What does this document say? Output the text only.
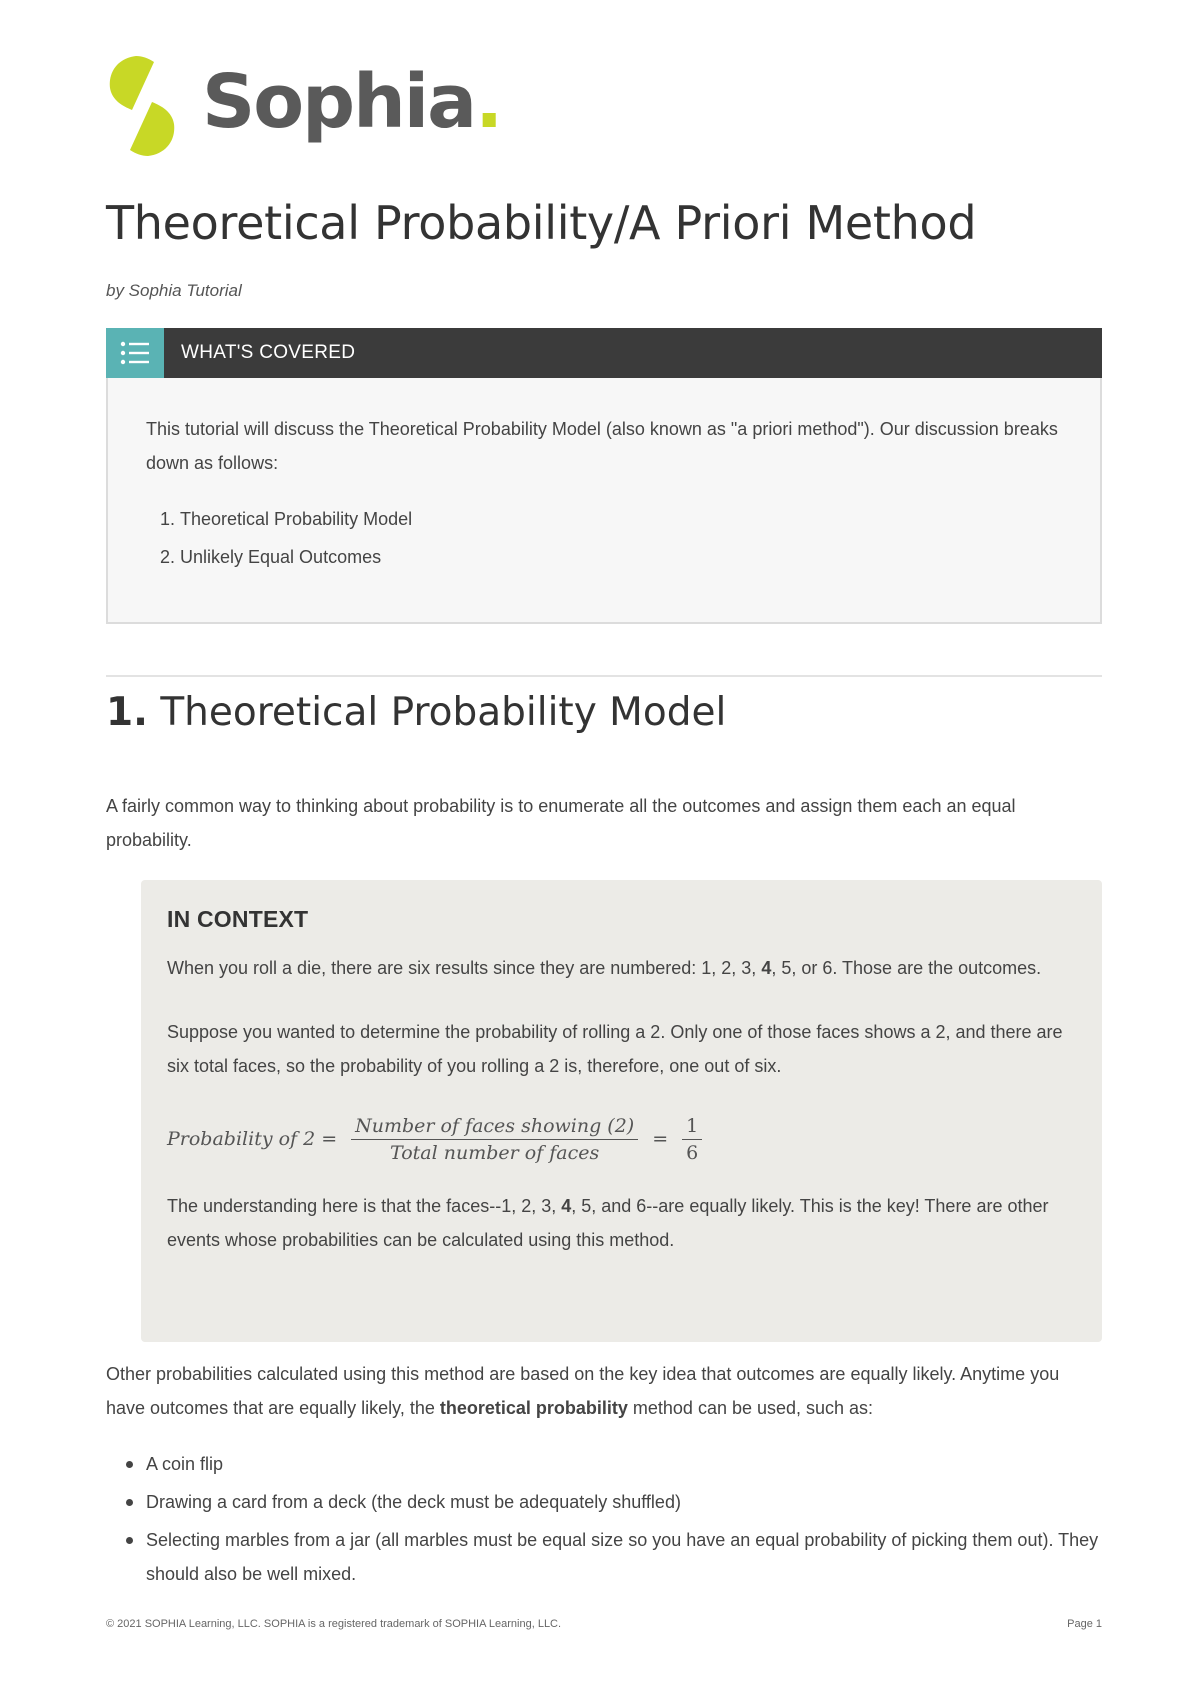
Sophia.
Theoretical Probability/A Priori Method
by Sophia Tutorial
WHAT'S COVERED
This tutorial will discuss the Theoretical Probability Model (also known as "a priori method"). Our discussion breaks down as follows:
1. Theoretical Probability Model
2. Unlikely Equal Outcomes
1. Theoretical Probability Model

A fairly common way to thinking about probability is to enumerate all the outcomes and assign them each an equal probability.

IN CONTEXT

When you roll a die, there are six results since they are numbered: 1, 2, 3, 4, 5, or 6. Those are the outcomes.

Suppose you wanted to determine the probability of rolling a 2. Only one of those faces shows a 2, and there are six total faces, so the probability of you rolling a 2 is, therefore, one out of six.

Probability of $2 = \frac{\text{Number of faces showing (2)}}{\text{Total number of faces}} = \frac{1}{6}$

The understanding here is that the faces--1, 2, 3, 4, 5, and 6--are equally likely. This is the key! There are other events whose probabilities can be calculated using this method.

Other probabilities calculated using this method are based on the key idea that outcomes are equally likely. Anytime you have outcomes that are equally likely, the theoretical probability method can be used, such as:

A coin flip
Drawing a card from a deck (the deck must be adequately shuffled)
Selecting marbles from a jar (all marbles must be equal size so you have an equal probability of picking them out). They should also be well mixed.
© 2021 SOPHIA Learning, LLC. SOPHIA is a registered trademark of SOPHIA Learning, LLC.	Page 1
